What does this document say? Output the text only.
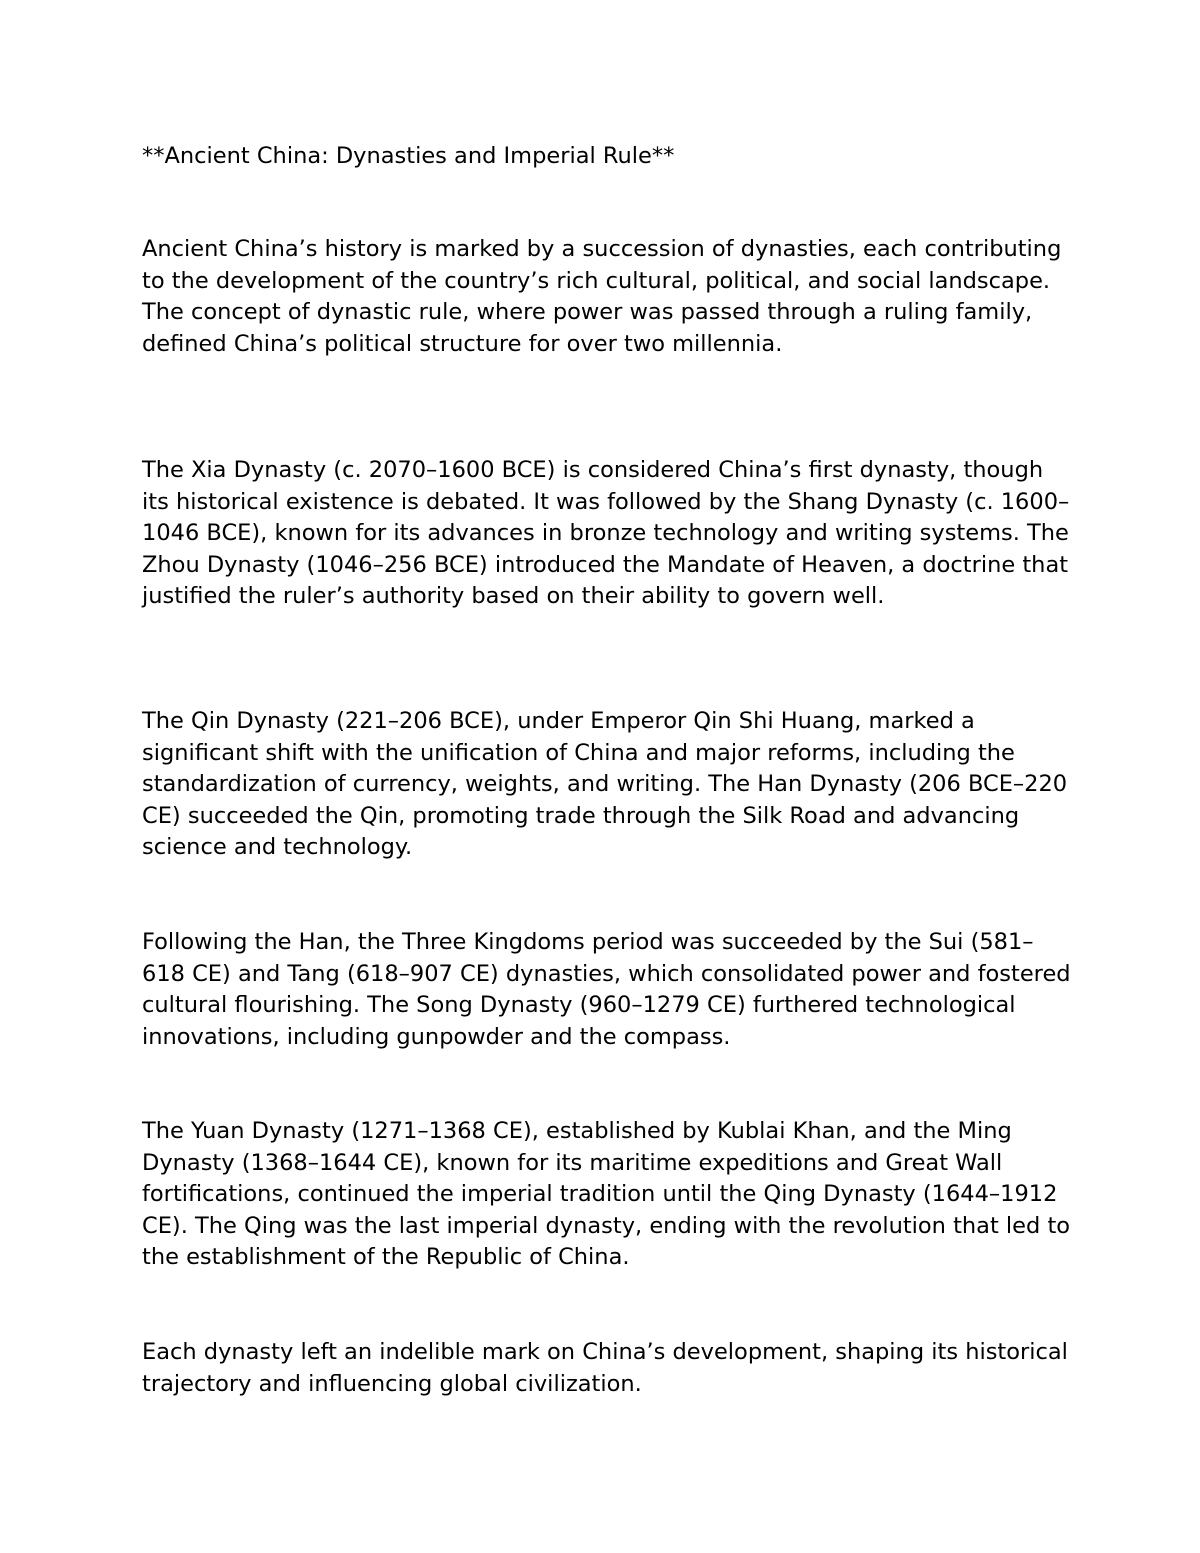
**Ancient China: Dynasties and Imperial Rule**

Ancient China’s history is marked by a succession of dynasties, each contributing to the development of the country’s rich cultural, political, and social landscape. The concept of dynastic rule, where power was passed through a ruling family, defined China’s political structure for over two millennia.

The Xia Dynasty (c. 2070–1600 BCE) is considered China’s first dynasty, though its historical existence is debated. It was followed by the Shang Dynasty (c. 1600–1046 BCE), known for its advances in bronze technology and writing systems. The Zhou Dynasty (1046–256 BCE) introduced the Mandate of Heaven, a doctrine that justified the ruler’s authority based on their ability to govern well.

The Qin Dynasty (221–206 BCE), under Emperor Qin Shi Huang, marked a significant shift with the unification of China and major reforms, including the standardization of currency, weights, and writing. The Han Dynasty (206 BCE–220 CE) succeeded the Qin, promoting trade through the Silk Road and advancing science and technology.

Following the Han, the Three Kingdoms period was succeeded by the Sui (581–618 CE) and Tang (618–907 CE) dynasties, which consolidated power and fostered cultural flourishing. The Song Dynasty (960–1279 CE) furthered technological innovations, including gunpowder and the compass.

The Yuan Dynasty (1271–1368 CE), established by Kublai Khan, and the Ming Dynasty (1368–1644 CE), known for its maritime expeditions and Great Wall fortifications, continued the imperial tradition until the Qing Dynasty (1644–1912 CE). The Qing was the last imperial dynasty, ending with the revolution that led to the establishment of the Republic of China.

Each dynasty left an indelible mark on China’s development, shaping its historical trajectory and influencing global civilization.
